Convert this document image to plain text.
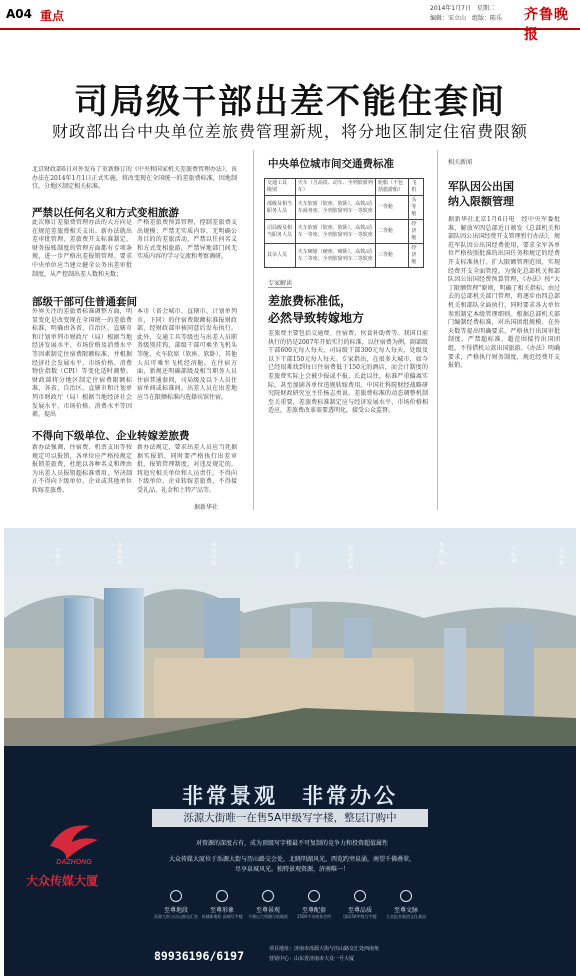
A04 重点
2014年1月7日　星期二
编辑：宋立山　组版：陈乐 齐鲁晚报
司局级干部出差不能住套间
财政部出台中央单位差旅费管理新规，将分地区制定住宿费限额
北京财政部6日对外发布了重新修订的《中央和国家机关差旅费管理办法》，该办法在2014年1月1日正式实施，将改变现在全国统一的差旅费标准，因地制宜，分地区制定相关标准。
严禁以任何名义和方式变相旅游
此次修订差旅费管理办法的大方向是在规范差旅费相关支出。新办法就出差审批管理、差旅费开支标准制定、财务报账制度的管理方面都有专项条规，进一步严格出差报销管理。要求中央单位应当建立健全公务出差审批制度，从严控制出差人数和天数；
严格差旅费预算管理，控制差旅费支出规模；严禁无实质内容、无明确公务目的的差旅活动，严禁以任何名义和方式变相旅游，严禁异地部门间无实质内容的学习交流和考察调研。
部级干部可住普通套间
外界关注的差旅费标准调整方面，明显变化是改变现在全国统一的差旅费标准，明确由各省、自治区、直辖市和计划单列市财政厅（局）根据当地经济发展水平、市场价格及消费水平等因素制定住宿费限额标准，并根据经济社会发展水平、市场价格、消费物价指数（CPI）等变化适时调整。财政部将分地区制定住宿费限额标准，各省、自治区、直辖市和计划单列市财政厅（局）根据当地经济社会发展水平、市场价格、消费水平等因素，提出
本市（省会城市、直辖市、计划单列市，下同）的住宿费限额标准报财政部，经财政部审核同意后发布执行。此外，交通工具等级也与出差人员职务级别挂钩，部级干部可乘坐飞机头等舱、火车软席（软座、软卧），其他人员可乘坐飞机经济舱。在住宿方面，新规还明确部级及相当职务人员住宿普通套间，司局级及以下人员住宿单间或标准间。出差人员在出差地应当在限额标准内选择宾馆住宿，
不得向下级单位、企业转嫁差旅费
新办法强调，住宿费、机票支出等按规定可以报销，各单位应严格按规定报销差旅费，杜绝以各种名义和理由为出差人员报销超标准费用，坚决制止不得向下级单位、企业或其他单位转嫁差旅费。
新办法规定，要求出差人员应当凭据据实报销，同时要严格执行出差审批、报销管理制度，对违反规定的，将追究相关单位和人员责任。不得向下级单位、企业转嫁差旅费，不得接受礼品、礼金和土特产品等。
据新华社
中央单位城市间交通费标准
交通工具 级别	火车（含高铁、动车、全列软席列车）	轮船（不包括旅游船）	飞机
部级及相当职务人员	火车软席（软座、软卧），高铁/动车商务座、全列软席列车一等软座	一等舱	头等舱
司局级及相当职务人员	火车软席（软座、软卧），高铁/动车一等座、全列软席列车一等软座	二等舱	经济舱
其余人员	火车硬席（硬座、硬卧），高铁/动车二等座、全列软席列车二等软座	三等舱	经济舱
专家解读
差旅费标准低，
必然导致转嫁地方
差旅费主要包括交通费、住宿费、伙食补助费等。我国目前执行的仍是2007年开始实行的标准，以住宿费为例，副部级干部600元每人每天，司局级干部300元每人每天，处级及以下干部150元每人每天。专家指出，在很多大城市，如今已经很难找到每日住宿费低于150元的酒店，而会计制度的差旅费实际上会被少报或不报，长此以往，标准严重偏离实际，甚至加剧各单位违规转嫁费用。中国社科院财经战略研究院财政研究室主任杨志勇说，差旅费标准的动态调整机制至关重要，差旅费标准制定应与经济发展水平、市场价格相适应，差旅费改革需要透明化，接受公众监督。
相关新闻
军队因公出国
纳入限额管理
据新华社北京1月6日电　经中央军委批准，解放军四总部近日颁发《总部机关和部队因公出国经费开支管理暂行办法》，规范军队因公出国经费使用，要求全军各单位严格按照批准的出国任务和规定的经费开支标准执行。扩大限额管理范围，实现经费开支全面管控。为强化总部机关和部队因公出国经费预算管理，《办法》按“大丁限额管理”原则，明确了相关指标。由过去的总部机关部门管理，将逐步由四总部机关和部队全面执行，同时要求各大单位参照制定本级管理细则。根据总部机关部门编制经费标准，对出国团组规模、在外天数等提出明确要求，严格执行出国审批制度，严禁超标准、超范围接待出国团组，不得借机公款出国旅游。《办法》明确要求，严格执行财务制度，规范经费开支报销。
千佛山	泉城广场	大明湖	趵突泉
新闻大厦	三联商社	银座商城
齐鲁医院
非常景观　非常办公
泺源大街唯一在售5A甲级写字楼，整层订购中
对资源的深度占有，成为顶级写字楼最不可复制的竞争力和投资超值属性
大众传媒大厦位于泺源大街与历山路交会处，北眺明湖风光，西览趵突泉涌，南望千佛叠翠，
尽享泉城风光。独特景观资源，济南唯一！
DAZHONG
大众传媒大厦
至尊地段
泺源大街与历山路交汇处
至尊形象
泉城新地标 高端写字楼
至尊景观
千佛山大明湖尽收眼底
至尊配套
1500平米商务会所
至尊品质
国际5A甲级写字楼
至尊文脉
大众报业集团文化基因
89936196/6197	项目地址：济南市泺源大街与历山路交汇处西南角
营销中心：山东省济南市大众一号大厦
